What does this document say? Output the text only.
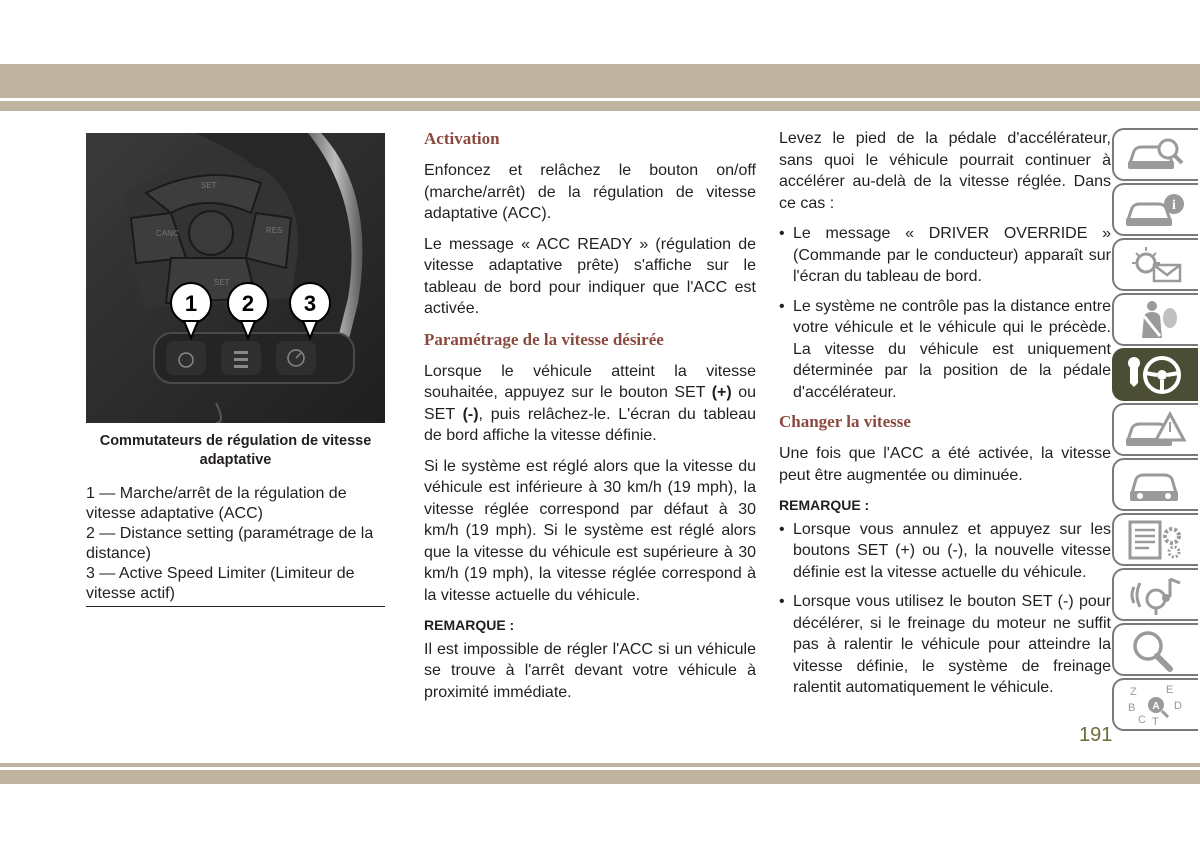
CANC	RES
SET
SET
1 2 3
Commutateurs de régulation de vitesse adaptative
1 — Marche/arrêt de la régulation de vitesse adaptative (ACC)
2 — Distance setting (paramétrage de la distance)
3 — Active Speed Limiter (Limiteur de vitesse actif)
Activation

Enfoncez et relâchez le bouton on/off (marche/arrêt) de la régulation de vitesse adaptative (ACC).

Le message « ACC READY » (régulation de vitesse adaptative prête) s'affiche sur le tableau de bord pour indiquer que l'ACC est activée.

Paramétrage de la vitesse désirée

Lorsque le véhicule atteint la vitesse souhaitée, appuyez sur le bouton SET (+) ou SET (-), puis relâchez-le. L'écran du tableau de bord affiche la vitesse définie.

Si le système est réglé alors que la vitesse du véhicule est inférieure à 30 km/h (19 mph), la vitesse réglée correspond par défaut à 30 km/h (19 mph). Si le système est réglé alors que la vitesse du véhicule est supérieure à 30 km/h (19 mph), la vitesse réglée correspond à la vitesse actuelle du véhicule.

REMARQUE :

Il est impossible de régler l'ACC si un véhicule se trouve à l'arrêt devant votre véhicule à proximité immédiate.

Levez le pied de la pédale d'accélérateur, sans quoi le véhicule pourrait continuer à accélérer au-delà de la vitesse réglée. Dans ce cas :

• Le message « DRIVER OVERRIDE » (Commande par le conducteur) apparaît sur l'écran du tableau de bord.
• Le système ne contrôle pas la distance entre votre véhicule et le véhicule qui le précède. La vitesse du véhicule est uniquement déterminée par la position de la pédale d'accélérateur.
Changer la vitesse

Une fois que l'ACC a été activée, la vitesse peut être augmentée ou diminuée.

REMARQUE :
• Lorsque vous annulez et appuyez sur les boutons SET (+) ou (-), la nouvelle vitesse définie est la vitesse actuelle du véhicule.
• Lorsque vous utilisez le bouton SET (-) pour décélérer, si le freinage du moteur ne suffit pas à ralentir le véhicule pour atteindre la vitesse définie, le système de freinage ralentit automatiquement le véhicule.
i
Z	E
B	D
C T
A
191
